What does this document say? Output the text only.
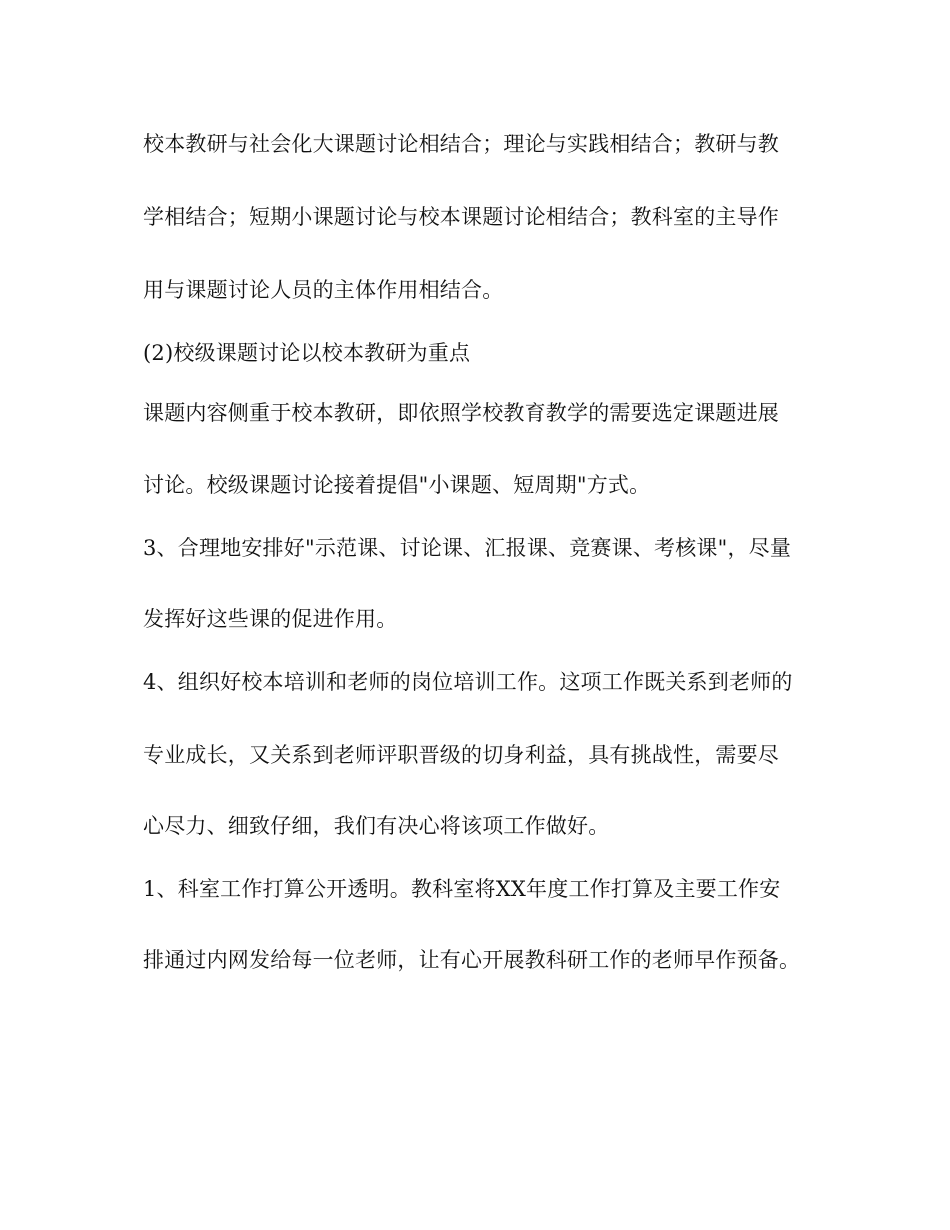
校本教研与社会化大课题讨论相结合；理论与实践相结合；教研与教
学相结合；短期小课题讨论与校本课题讨论相结合；教科室的主导作
用与课题讨论人员的主体作用相结合。
(2)校级课题讨论以校本教研为重点
课题内容侧重于校本教研，即依照学校教育教学的需要选定课题进展
讨论。校级课题讨论接着提倡"小课题、短周期"方式。
3、合理地安排好"示范课、讨论课、汇报课、竞赛课、考核课"，尽量
发挥好这些课的促进作用。
4、组织好校本培训和老师的岗位培训工作。这项工作既关系到老师的
专业成长，又关系到老师评职晋级的切身利益，具有挑战性，需要尽
心尽力、细致仔细，我们有决心将该项工作做好。
1、科室工作打算公开透明。教科室将XX年度工作打算及主要工作安
排通过内网发给每一位老师，让有心开展教科研工作的老师早作预备。
